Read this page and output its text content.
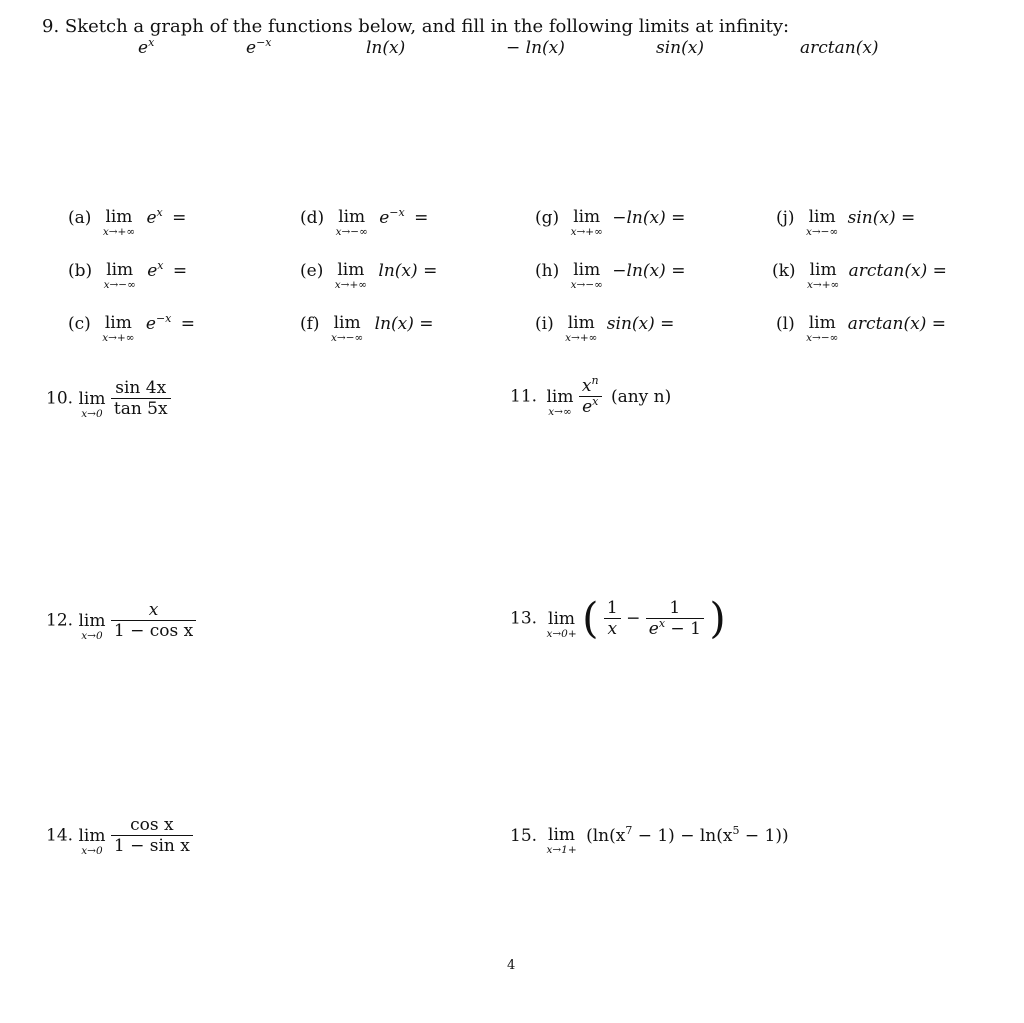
9. Sketch a graph of the functions below, and fill in the following limits at infinity:
$e^x$	$e^{-x}$	ln(x)	− ln(x)	sin(x)	arctan(x)
(a) lim
x→+∞
$e^x$ =	(d) lim
x→−∞
$e^{-x}$ =	(g) lim
x→+∞
−ln(x) =	(j) lim
x→−∞
sin(x) =
(b) lim
x→−∞
$e^x$ =	(e) lim
x→+∞
ln(x) =	(h) lim
x→−∞
−ln(x) =	(k) lim
x→+∞
arctan(x) =
(c) lim
x→+∞
$e^{-x}$ =	(f) lim
x→−∞
ln(x) =	(i) lim
x→+∞
sin(x) =	(l) lim
x→−∞
arctan(x) =
10. lim
x→0
$\frac{\sin 4x}{\tan 5x}$	11. lim
x→∞
$\frac{x^n}{e^x} (any$ n)
12. lim
x→0
$\frac{x}{\text{1 − cos x}}$	13. lim
x→0+ ( $\frac{1}{x} - \frac{1}{e^x - 1}$ )
14. lim
x→0
$\frac{\text{cos x}}{\text{1 − sin x}}$	15. lim
x→1+
$(\ln(x^7 - 1) - \ln(x^5 - 1))$
4
